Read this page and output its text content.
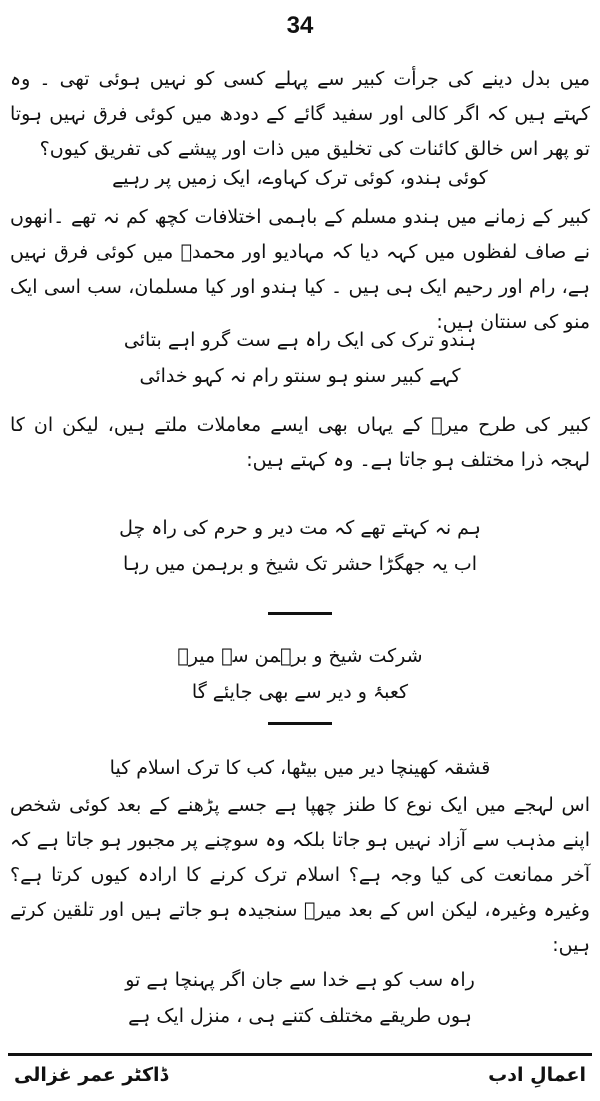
34

میں بدل دینے کی جرأت کبیر سے پہلے کسی کو نہیں ہوئی تھی ۔ وہ کہتے ہیں کہ اگر کالی اور سفید گائے کے دودھ میں کوئی فرق نہیں ہوتا تو پھر اس خالق کائنات کی تخلیق میں ذات اور پیشے کی تفریق کیوں؟

کوئی ہندو، کوئی ترک کہاوے، ایک زمیں پر رہیے

کبیر کے زمانے میں ہندو مسلم کے باہمی اختلافات کچھ کم نہ تھے ۔انھوں نے صاف لفظوں میں کہہ دیا کہ مہادیو اور محمدؐ میں کوئی فرق نہیں ہے، رام اور رحیم ایک ہی ہیں ۔ کیا ہندو اور کیا مسلمان، سب اسی ایک منو کی سنتان ہیں:

ہندو ترک کی ایک راہ ہے ست گرو اہے بتائی
کہے کبیر سنو ہو سنتو رام نہ کہو خدائی

کبیر کی طرح میرؔ کے یہاں بھی ایسے معاملات ملتے ہیں، لیکن ان کا لہجہ ذرا مختلف ہو جاتا ہے۔ وہ کہتے ہیں:

ہم نہ کہتے تھے کہ مت دیر و حرم کی راہ چل
اب یہ جھگڑا حشر تک شیخ و برہمن میں رہا
شرکت شیخ و برہمن سے میرؔ
کعبۂ و دیر سے بھی جایئے گا
قشقہ کھینچا دیر میں بیٹھا، کب کا ترک اسلام کیا

اس لہجے میں ایک نوع کا طنز چھپا ہے جسے پڑھنے کے بعد کوئی شخص اپنے مذہب سے آزاد نہیں ہو جاتا بلکہ وہ سوچنے پر مجبور ہو جاتا ہے کہ آخر ممانعت کی کیا وجہ ہے؟ اسلام ترک کرنے کا ارادہ کیوں کرتا ہے؟ وغیرہ وغیرہ، لیکن اس کے بعد میرؔ سنجیدہ ہو جاتے ہیں اور تلقین کرتے ہیں:

راہ سب کو ہے خدا سے جان اگر پہنچا ہے تو
ہوں طریقے مختلف کتنے ہی ، منزل ایک ہے
ڈاکٹر عمر غزالی	اعمالِ ادب
